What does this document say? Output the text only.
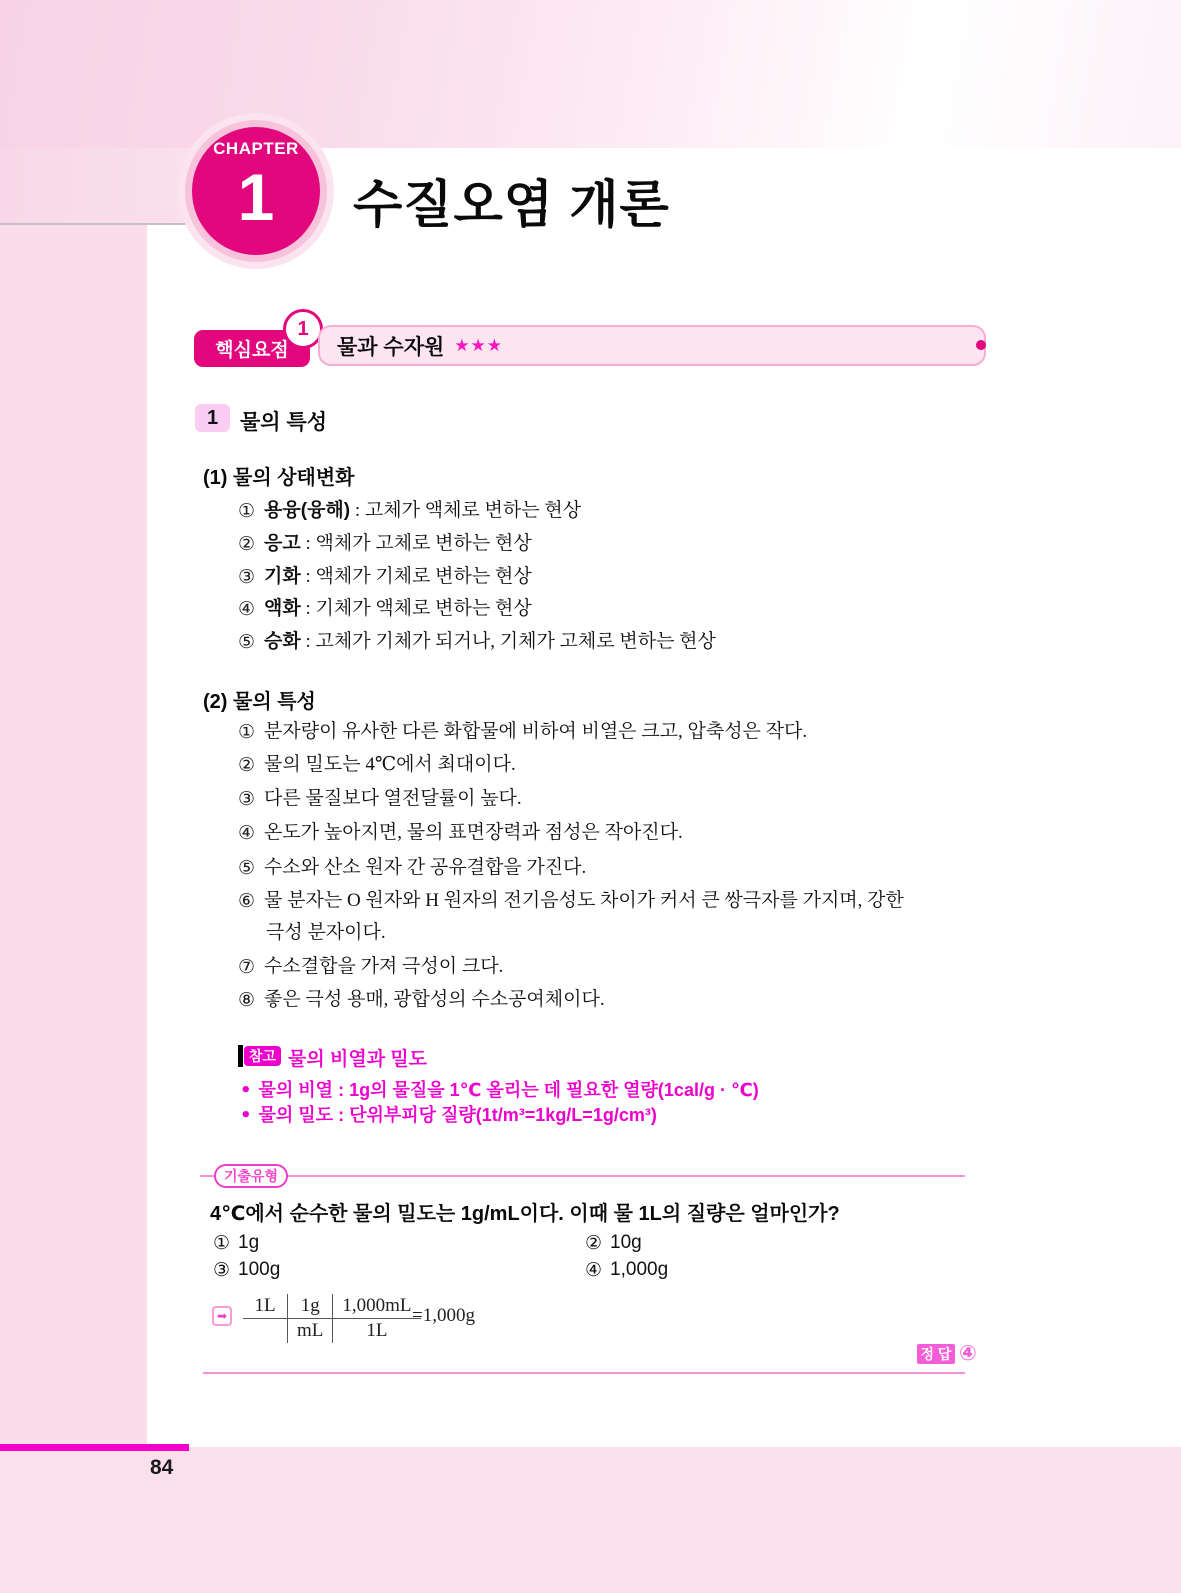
84
CHAPTER
1 수질오염 개론
핵심요점
1
물과 수자원 ★★★
1	물의 특성
(1) 물의 상태변화
① 용융(융해) : 고체가 액체로 변하는 현상
② 응고 : 액체가 고체로 변하는 현상
③ 기화 : 액체가 기체로 변하는 현상
④ 액화 : 기체가 액체로 변하는 현상
⑤ 승화 : 고체가 기체가 되거나, 기체가 고체로 변하는 현상
(2) 물의 특성
① 분자량이 유사한 다른 화합물에 비하여 비열은 크고, 압축성은 작다.
② 물의 밀도는 4℃에서 최대이다.
③ 다른 물질보다 열전달률이 높다.
④ 온도가 높아지면, 물의 표면장력과 점성은 작아진다.
⑤ 수소와 산소 원자 간 공유결합을 가진다.
⑥ 물 분자는 O 원자와 H 원자의 전기음성도 차이가 커서 큰 쌍극자를 가지며, 강한
극성 분자이다.
⑦ 수소결합을 가져 극성이 크다.
⑧ 좋은 극성 용매, 광합성의 수소공여체이다.
참고 물의 비열과 밀도
• 물의 비열 : 1g의 물질을 1℃ 올리는 데 필요한 열량(1cal/g · ℃)
• 물의 밀도 : 단위부피당 질량(1t/m³=1kg/L=1g/cm³)
기출유형
4℃에서 순수한 물의 밀도는 1g/mL이다. 이때 물 1L의 질량은 얼마인가?
① 1g	② 10g
③ 100g	④ 1,000g
➡	1L	1g	1,000mL
mL	1L
=1,000g
정 답 ④
